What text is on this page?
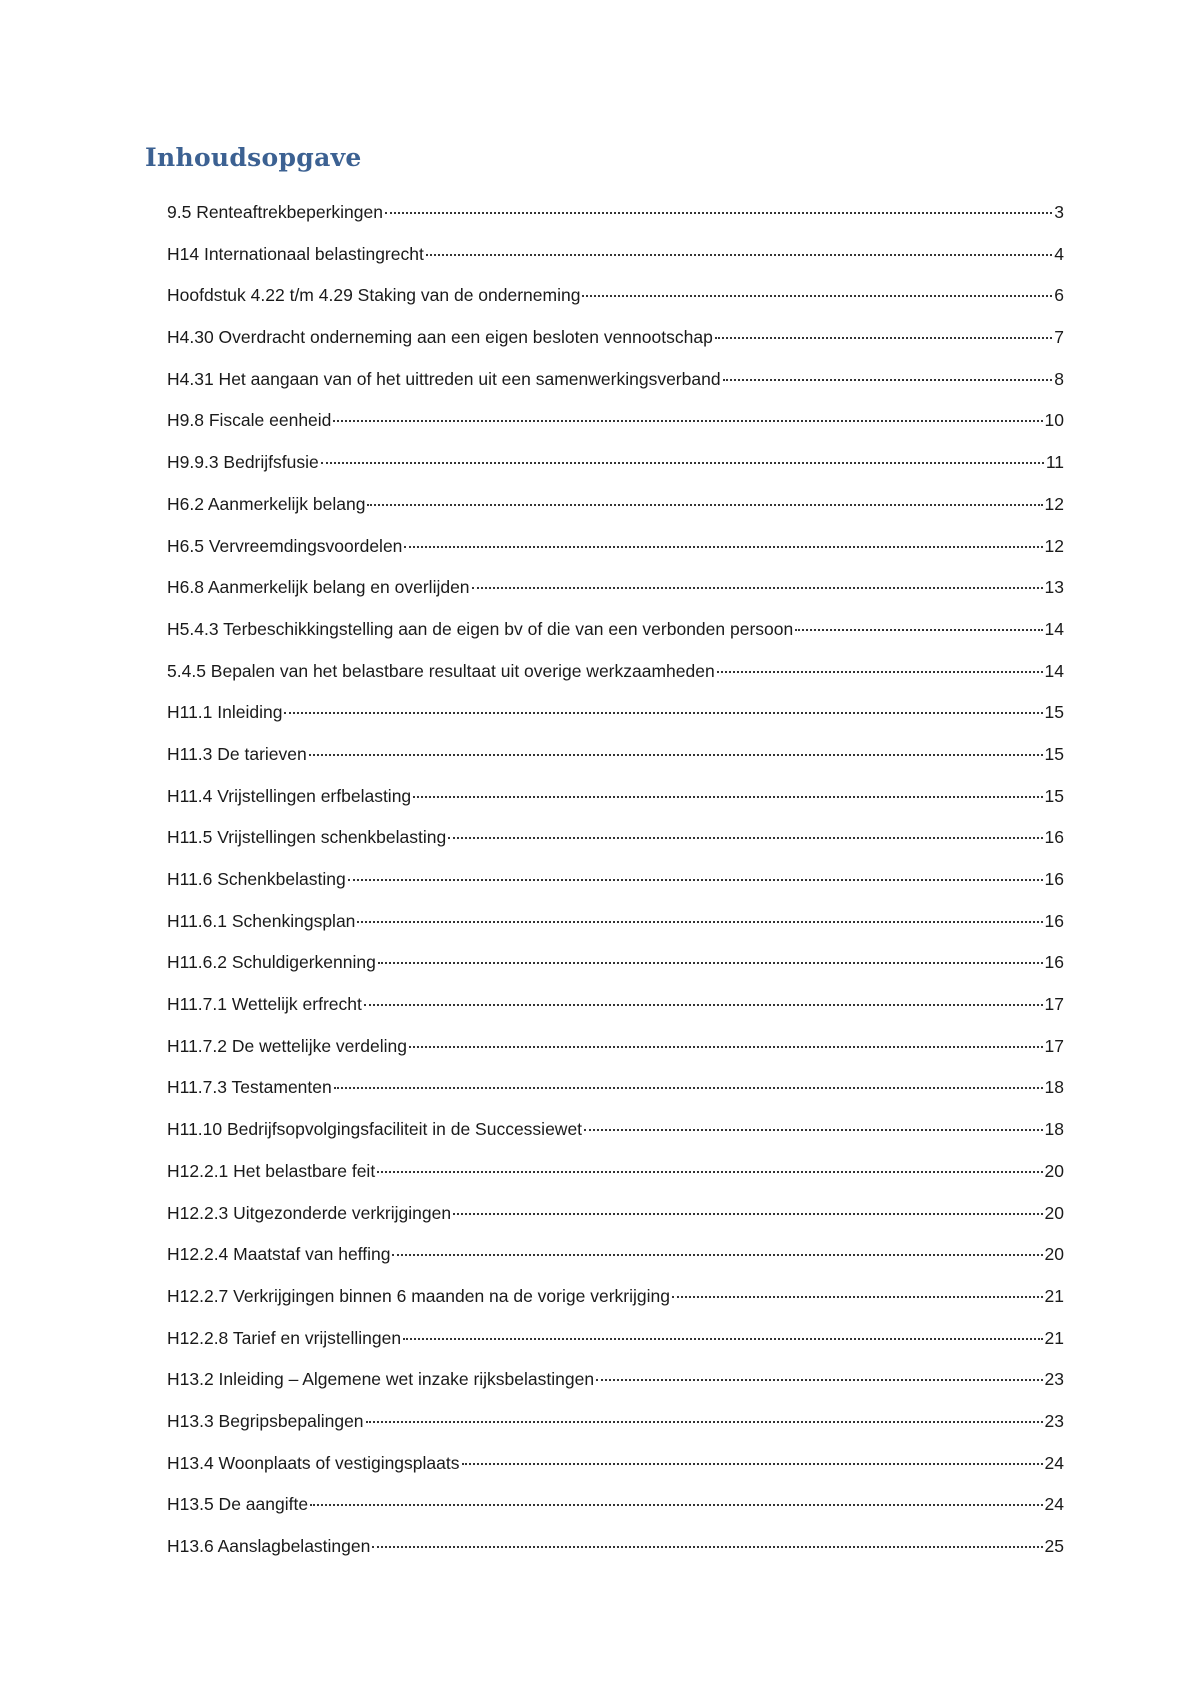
Inhoudsopgave
9.5 Renteaftrekbeperkingen	3
H14 Internationaal belastingrecht	4
Hoofdstuk 4.22 t/m 4.29 Staking van de onderneming	6
H4.30 Overdracht onderneming aan een eigen besloten vennootschap	7
H4.31 Het aangaan van of het uittreden uit een samenwerkingsverband	8
H9.8 Fiscale eenheid	10
H9.9.3 Bedrijfsfusie	11
H6.2 Aanmerkelijk belang	12
H6.5 Vervreemdingsvoordelen	12
H6.8 Aanmerkelijk belang en overlijden	13
H5.4.3 Terbeschikkingstelling aan de eigen bv of die van een verbonden persoon	14
5.4.5 Bepalen van het belastbare resultaat uit overige werkzaamheden	14
H11.1 Inleiding	15
H11.3 De tarieven	15
H11.4 Vrijstellingen erfbelasting	15
H11.5 Vrijstellingen schenkbelasting	16
H11.6 Schenkbelasting	16
H11.6.1 Schenkingsplan	16
H11.6.2 Schuldigerkenning	16
H11.7.1 Wettelijk erfrecht	17
H11.7.2 De wettelijke verdeling	17
H11.7.3 Testamenten	18
H11.10 Bedrijfsopvolgingsfaciliteit in de Successiewet	18
H12.2.1 Het belastbare feit	20
H12.2.3 Uitgezonderde verkrijgingen	20
H12.2.4 Maatstaf van heffing	20
H12.2.7 Verkrijgingen binnen 6 maanden na de vorige verkrijging	21
H12.2.8 Tarief en vrijstellingen	21
H13.2 Inleiding – Algemene wet inzake rijksbelastingen	23
H13.3 Begripsbepalingen	23
H13.4 Woonplaats of vestigingsplaats	24
H13.5 De aangifte	24
H13.6 Aanslagbelastingen	25
